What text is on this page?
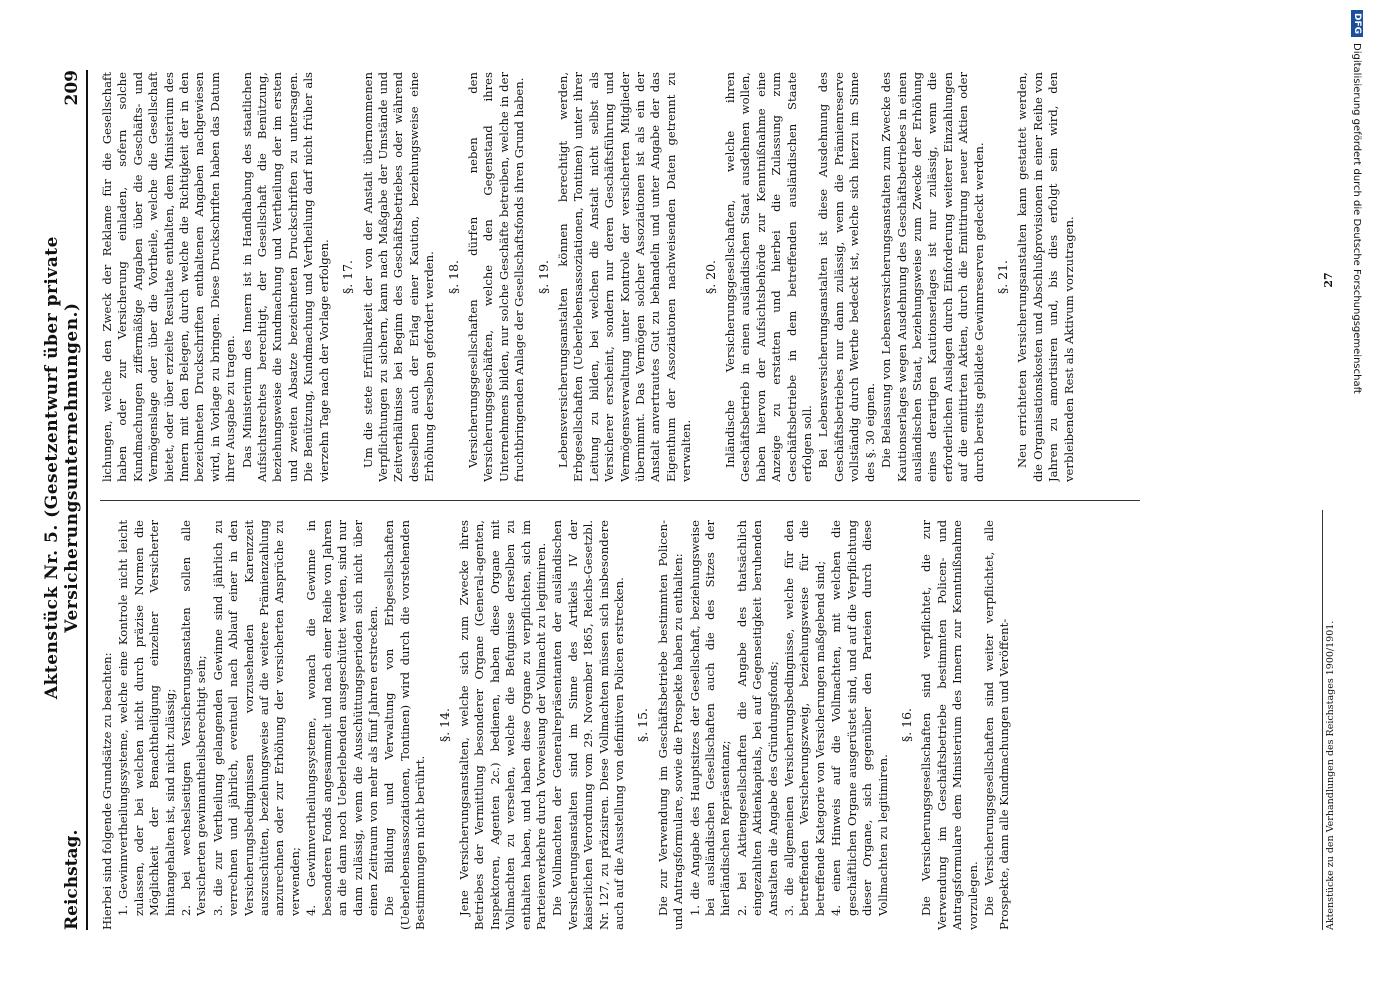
Reichstag.
Aktenstück Nr. 5. (Gesetzentwurf über private Versicherungsunternehmungen.)
209

Hierbei sind folgende Grundsätze zu beachten: 1. Gewinnvertheilungssysteme, welche eine Kontrole nicht leicht zulassen, oder bei welchen nicht durch präzise Normen die Möglichkeit der Benachtheiligung einzelner Versicherter hintangehalten ist, sind nicht zulässig; 2. bei wechselseitigen Versicherungsanstalten sollen alle Versicherten gewinnantheilsberechtigt sein; 3. die zur Vertheilung gelangenden Gewinne sind jährlich zu verrechnen und jährlich, eventuell nach Ablauf einer in den Versicherungsbedingnissen vorzusehenden Karenzzeit auszuschütten, beziehungsweise auf die weitere Prämienzahlung anzurechnen oder zur Erhöhung der versicherten Ansprüche zu verwenden; 4. Gewinnvertheilungssysteme, wonach die Gewinne in besonderen Fonds angesammelt und nach einer Reihe von Jahren an die dann noch Ueberlebenden ausgeschüttet werden, sind nur dann zulässig, wenn die Ausschüttungsperioden sich nicht über einen Zeitraum von mehr als fünf Jahren erstrecken. Die Bildung und Verwaltung von Erbgesellschaften (Ueberlebensassoziationen, Tontinen) wird durch die vorstehenden Bestimmungen nicht berührt.

§. 14. Jene Versicherungsanstalten, welche sich zum Zwecke ihres Betriebes der Vermittlung besonderer Organe (General-agenten, Inspektoren, Agenten 2c.) bedienen, haben diese Organe mit Vollmachten zu versehen, welche die Befugnisse derselben zu enthalten haben, und haben diese Organe zu verpflichten, sich im Parteienverkehre durch Vorweisung der Vollmacht zu legitimiren. Die Vollmachten der Generalrepräsentanten der ausländischen Versicherungsanstalten sind im Sinne des Artikels IV der kaiserlichen Verordnung vom 29. November 1865, Reichs-Gesetzbl. Nr. 127, zu präzisiren. Diese Vollmachten müssen sich insbesondere auch auf die Ausstellung von definitiven Policen erstrecken. §. 15. Die zur Verwendung im Geschäftsbetriebe bestimmten Policen- und Antragsformulare, sowie die Prospekte haben zu enthalten: 1. die Angabe des Hauptsitzes der Gesellschaft, beziehungsweise bei ausländischen Gesellschaften auch die des Sitzes der hierländischen Repräsentanz; 2. bei Aktiengesellschaften die Angabe des thatsächlich eingezahlten Aktienkapitals, bei auf Gegenseitigkeit beruhenden Anstalten die Angabe des Gründungsfonds; 3. die allgemeinen Versicherungsbedingnisse, welche für den betreffenden Versicherungszweig, beziehungsweise für die betreffende Kategorie von Versicherungen maßgebend sind; 4. einen Hinweis auf die Vollmachten, mit welchen die geschäftlichen Organe ausgerüstet sind, und auf die Verpflichtung dieser Organe, sich gegenüber den Parteien durch diese Vollmachten zu legitimiren.

§. 16. Die Versicherungsgesellschaften sind verpflichtet, die zur Verwendung im Geschäftsbetriebe bestimmten Policen- und Antragsformulare dem Ministerium des Innern zur Kenntnißnahme vorzulegen. Die Versicherungsgesellschaften sind weiter verpflichtet, alle Prospekte, dann alle Kundmachungen und Veröffent-

lichungen, welche den Zweck der Reklame für die Gesellschaft haben oder zur Versicherung einladen, sofern solche Kundmachungen ziffermäßige Angaben über die Geschäfts- und Vermögenslage oder über die Vortheile, welche die Gesellschaft bietet, oder über erzielte Resultate enthalten, dem Ministerium des Innern mit den Belegen, durch welche die Richtigkeit der in den bezeichneten Druckschriften enthaltenen Angaben nachgewiesen wird, in Vorlage zu bringen. Diese Druckschriften haben das Datum ihrer Ausgabe zu tragen. Das Ministerium des Innern ist in Handhabung des staatlichen Aufsichtsrechtes berechtigt, der Gesellschaft die Benützung, beziehungsweise die Kundmachung und Vertheilung der im ersten und zweiten Absatze bezeichneten Druckschriften zu untersagen. Die Benützung, Kundmachung und Vertheilung darf nicht früher als vierzehn Tage nach der Vorlage erfolgen. §. 17. Um die stete Erfüllbarkeit der von der Anstalt übernommenen Verpflichtungen zu sichern, kann nach Maßgabe der Umstände und Zeitverhältnisse bei Beginn des Geschäftsbetriebes oder während desselben auch der Erlag einer Kaution, beziehungsweise eine Erhöhung derselben gefordert werden. §. 18. Versicherungsgesellschaften dürfen neben den Versicherungsgeschäften, welche den Gegenstand ihres Unternehmens bilden, nur solche Geschäfte betreiben, welche in der fruchtbringenden Anlage der Gesellschaftsfonds ihren Grund haben. §. 19. Lebensversicherungsanstalten können berechtigt werden, Erbgesellschaften (Ueberlebensassoziationen, Tontinen) unter ihrer Leitung zu bilden, bei welchen die Anstalt nicht selbst als Versicherer erscheint, sondern nur deren Geschäftsführung und Vermögensverwaltung unter Kontrole der versicherten Mitglieder übernimmt. Das Vermögen solcher Assoziationen ist als ein der Anstalt anvertrautes Gut zu behandeln und unter Angabe der das Eigenthum der Assoziationen nachweisenden Daten getrennt zu verwalten.

§. 20. Inländische Versicherungsgesellschaften, welche ihren Geschäftsbetrieb in einen ausländischen Staat ausdehnen wollen, haben hiervon der Aufsichtsbehörde zur Kenntnißnahme eine Anzeige zu erstatten und hierbei die Zulassung zum Geschäftsbetriebe in dem betreffenden ausländischen Staate erfolgen soll. Bei Lebensversicherungsanstalten ist diese Ausdehnung des Geschäftsbetriebes nur dann zulässig, wenn die Prämienreserve vollständig durch Werthe bedeckt ist, welche sich hierzu im Sinne des §. 30 eignen. Die Belassung von Lebensversicherungsanstalten zum Zwecke des Kautionserlages wegen Ausdehnung des Geschäftsbetriebes in einen ausländischen Staat, beziehungsweise zum Zwecke der Erhöhung eines derartigen Kautionserlages ist nur zulässig, wenn die erforderlichen Auslagen durch Einforderung weiterer Einzahlungen auf die emittirten Aktien, durch die Emittirung neuer Aktien oder durch bereits gebildete Gewinnreserven gedeckt werden. §. 21. Neu errichteten Versicherungsanstalten kann gestattet werden, die Organisationskosten und Abschlußprovisionen in einer Reihe von Jahren zu amortisiren und, bis dies erfolgt sein wird, den verbleibenden Rest als Aktivum vorzutragen.

Aktenstücke zu den Verhandlungen des Reichstages 1900/1901.
27
DFG
Digitalisierung gefördert durch die Deutsche Forschungsgemeinschaft
